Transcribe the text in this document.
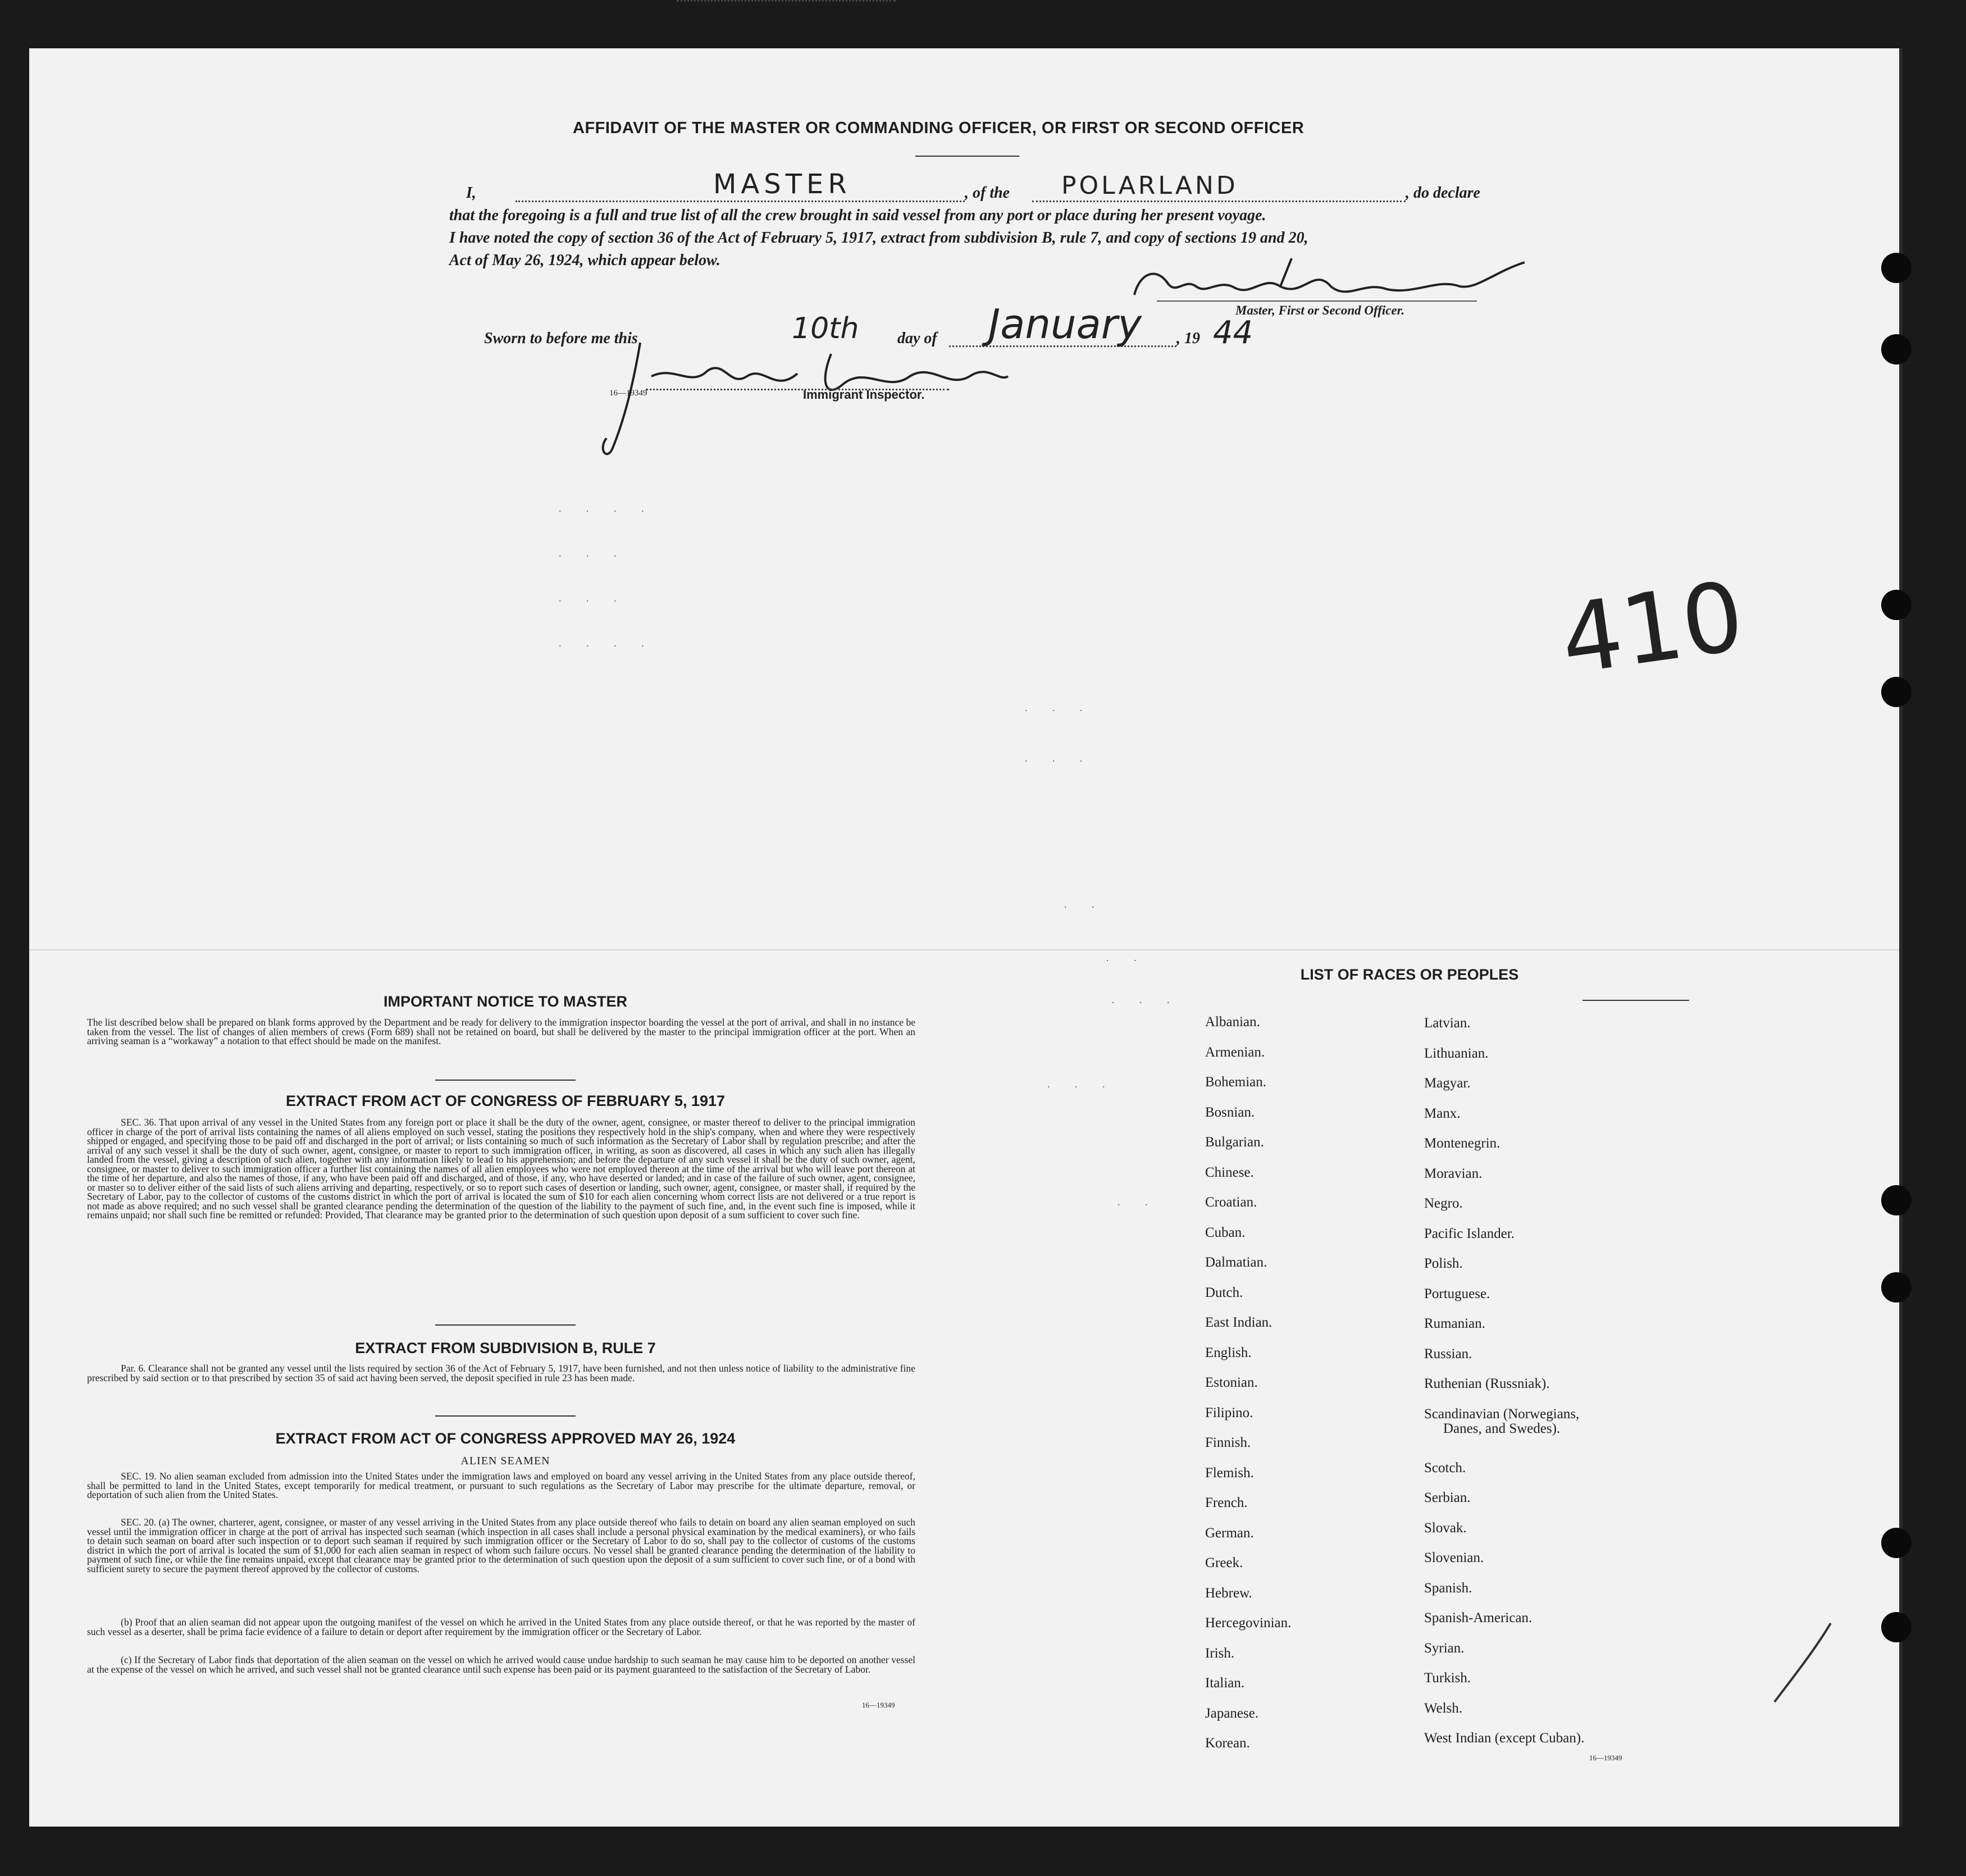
AFFIDAVIT OF THE MASTER OR COMMANDING OFFICER, OR FIRST OR SECOND OFFICER
I,	MASTER	, of the POLARLAND	, do declare
that the foregoing is a full and true list of all the crew brought in said vessel from any port or place during her present voyage.
I have noted the copy of section 36 of the Act of February 5, 1917, extract from subdivision B, rule 7, and copy of sections 19 and 20,
Act of May 26, 1924, which appear below.
Master, First or Second Officer.
Sworn to before me this	10th day of January , 19 44
16—19349	Immigrant Inspector.
410
. . . .
. . .
. . .
. . . .
. . .
. . .
. .
. .
. . .
. . .
. .
IMPORTANT NOTICE TO MASTER
The list described below shall be prepared on blank forms approved by the Department and be ready for delivery to the immigration inspector boarding the vessel at the port of arrival, and shall in no instance be taken from the vessel. The list of changes of alien members of crews (Form 689) shall not be retained on board, but shall be delivered by the master to the principal immigration officer at the port. When an arriving seaman is a “workaway” a notation to that effect should be made on the manifest.
EXTRACT FROM ACT OF CONGRESS OF FEBRUARY 5, 1917
SEC. 36. That upon arrival of any vessel in the United States from any foreign port or place it shall be the duty of the owner, agent, consignee, or master thereof to deliver to the principal immigration officer in charge of the port of arrival lists containing the names of all aliens employed on such vessel, stating the positions they respectively hold in the ship's company, when and where they were respectively shipped or engaged, and specifying those to be paid off and discharged in the port of arrival; or lists containing so much of such information as the Secretary of Labor shall by regulation prescribe; and after the arrival of any such vessel it shall be the duty of such owner, agent, consignee, or master to report to such immigration officer, in writing, as soon as discovered, all cases in which any such alien has illegally landed from the vessel, giving a description of such alien, together with any information likely to lead to his apprehension; and before the departure of any such vessel it shall be the duty of such owner, agent, consignee, or master to deliver to such immigration officer a further list containing the names of all alien employees who were not employed thereon at the time of the arrival but who will leave port thereon at the time of her departure, and also the names of those, if any, who have been paid off and discharged, and of those, if any, who have deserted or landed; and in case of the failure of such owner, agent, consignee, or master so to deliver either of the said lists of such aliens arriving and departing, respectively, or so to report such cases of desertion or landing, such owner, agent, consignee, or master shall, if required by the Secretary of Labor, pay to the collector of customs of the customs district in which the port of arrival is located the sum of $10 for each alien concerning whom correct lists are not delivered or a true report is not made as above required; and no such vessel shall be granted clearance pending the determination of the question of the liability to the payment of such fine, and, in the event such fine is imposed, while it remains unpaid; nor shall such fine be remitted or refunded: Provided, That clearance may be granted prior to the determination of such question upon deposit of a sum sufficient to cover such fine.
EXTRACT FROM SUBDIVISION B, RULE 7
Par. 6. Clearance shall not be granted any vessel until the lists required by section 36 of the Act of February 5, 1917, have been furnished, and not then unless notice of liability to the administrative fine prescribed by said section or to that prescribed by section 35 of said act having been served, the deposit specified in rule 23 has been made.
EXTRACT FROM ACT OF CONGRESS APPROVED MAY 26, 1924
ALIEN SEAMEN
SEC. 19. No alien seaman excluded from admission into the United States under the immigration laws and employed on board any vessel arriving in the United States from any place outside thereof, shall be permitted to land in the United States, except temporarily for medical treatment, or pursuant to such regulations as the Secretary of Labor may prescribe for the ultimate departure, removal, or deportation of such alien from the United States.
SEC. 20. (a) The owner, charterer, agent, consignee, or master of any vessel arriving in the United States from any place outside thereof who fails to detain on board any alien seaman employed on such vessel until the immigration officer in charge at the port of arrival has inspected such seaman (which inspection in all cases shall include a personal physical examination by the medical examiners), or who fails to detain such seaman on board after such inspection or to deport such seaman if required by such immigration officer or the Secretary of Labor to do so, shall pay to the collector of customs of the customs district in which the port of arrival is located the sum of $1,000 for each alien seaman in respect of whom such failure occurs. No vessel shall be granted clearance pending the determination of the liability to payment of such fine, or while the fine remains unpaid, except that clearance may be granted prior to the determination of such question upon the deposit of a sum sufficient to cover such fine, or of a bond with sufficient surety to secure the payment thereof approved by the collector of customs.
(b) Proof that an alien seaman did not appear upon the outgoing manifest of the vessel on which he arrived in the United States from any place outside thereof, or that he was reported by the master of such vessel as a deserter, shall be prima facie evidence of a failure to detain or deport after requirement by the immigration officer or the Secretary of Labor.
(c) If the Secretary of Labor finds that deportation of the alien seaman on the vessel on which he arrived would cause undue hardship to such seaman he may cause him to be deported on another vessel at the expense of the vessel on which he arrived, and such vessel shall not be granted clearance until such expense has been paid or its payment guaranteed to the satisfaction of the Secretary of Labor.
16—19349
LIST OF RACES OR PEOPLES
Albanian.
Armenian.
Bohemian.
Bosnian.
Bulgarian.
Chinese.
Croatian.
Cuban.
Dalmatian.
Dutch.
East Indian.
English.
Estonian.
Filipino.
Finnish.
Flemish.
French.
German.
Greek.
Hebrew.
Hercegovinian.
Irish.
Italian.
Japanese.
Korean.
Latvian.
Lithuanian.
Magyar.
Manx.
Montenegrin.
Moravian.
Negro.
Pacific Islander.
Polish.
Portuguese.
Rumanian.
Russian.
Ruthenian (Russniak).
Scandinavian (Norwegians,
Danes, and Swedes).
Scotch.
Serbian.
Slovak.
Slovenian.
Spanish.
Spanish-American.
Syrian.
Turkish.
Welsh.
West Indian (except Cuban).
16—19349
